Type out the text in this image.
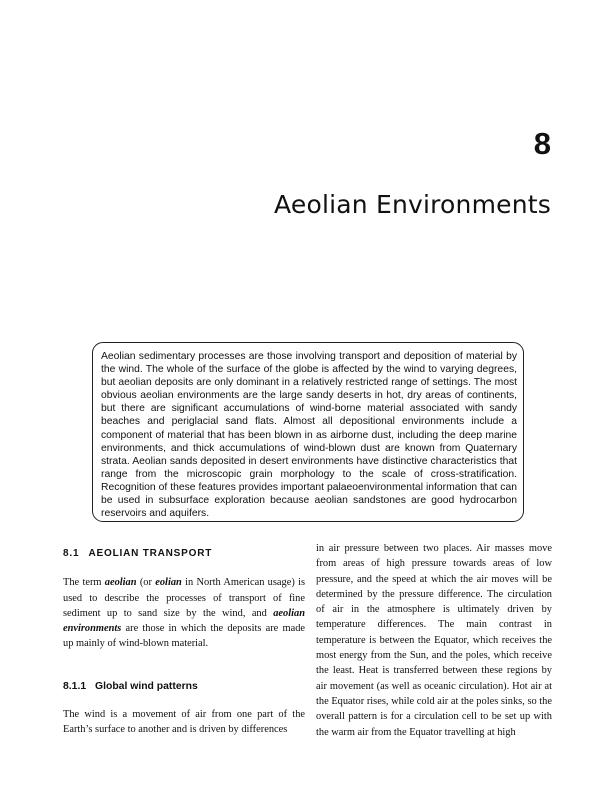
8
Aeolian Environments
Aeolian sedimentary processes are those involving transport and deposition of material by the wind. The whole of the surface of the globe is affected by the wind to varying degrees, but aeolian deposits are only dominant in a relatively restricted range of settings. The most obvious aeolian environments are the large sandy deserts in hot, dry areas of continents, but there are significant accumulations of wind-borne material associated with sandy beaches and periglacial sand flats. Almost all depositional environments include a component of material that has been blown in as airborne dust, including the deep marine environments, and thick accumulations of wind-blown dust are known from Quaternary strata. Aeolian sands deposited in desert environments have distinctive characteristics that range from the microscopic grain morphology to the scale of cross-stratification. Recognition of these features provides important palaeoenvironmental information that can be used in subsurface exploration because aeolian sandstones are good hydrocarbon reservoirs and aquifers.
8.1 AEOLIAN TRANSPORT

The term aeolian (or eolian in North American usage) is used to describe the processes of transport of fine sediment up to sand size by the wind, and aeolian environments are those in which the deposits are made up mainly of wind-blown material.

8.1.1 Global wind patterns

The wind is a movement of air from one part of the Earth’s surface to another and is driven by differences

in air pressure between two places. Air masses move from areas of high pressure towards areas of low pressure, and the speed at which the air moves will be determined by the pressure difference. The circulation of air in the atmosphere is ultimately driven by temperature differences. The main contrast in temperature is between the Equator, which receives the most energy from the Sun, and the poles, which receive the least. Heat is transferred between these regions by air movement (as well as oceanic circulation). Hot air at the Equator rises, while cold air at the poles sinks, so the overall pattern is for a circulation cell to be set up with the warm air from the Equator travelling at high
